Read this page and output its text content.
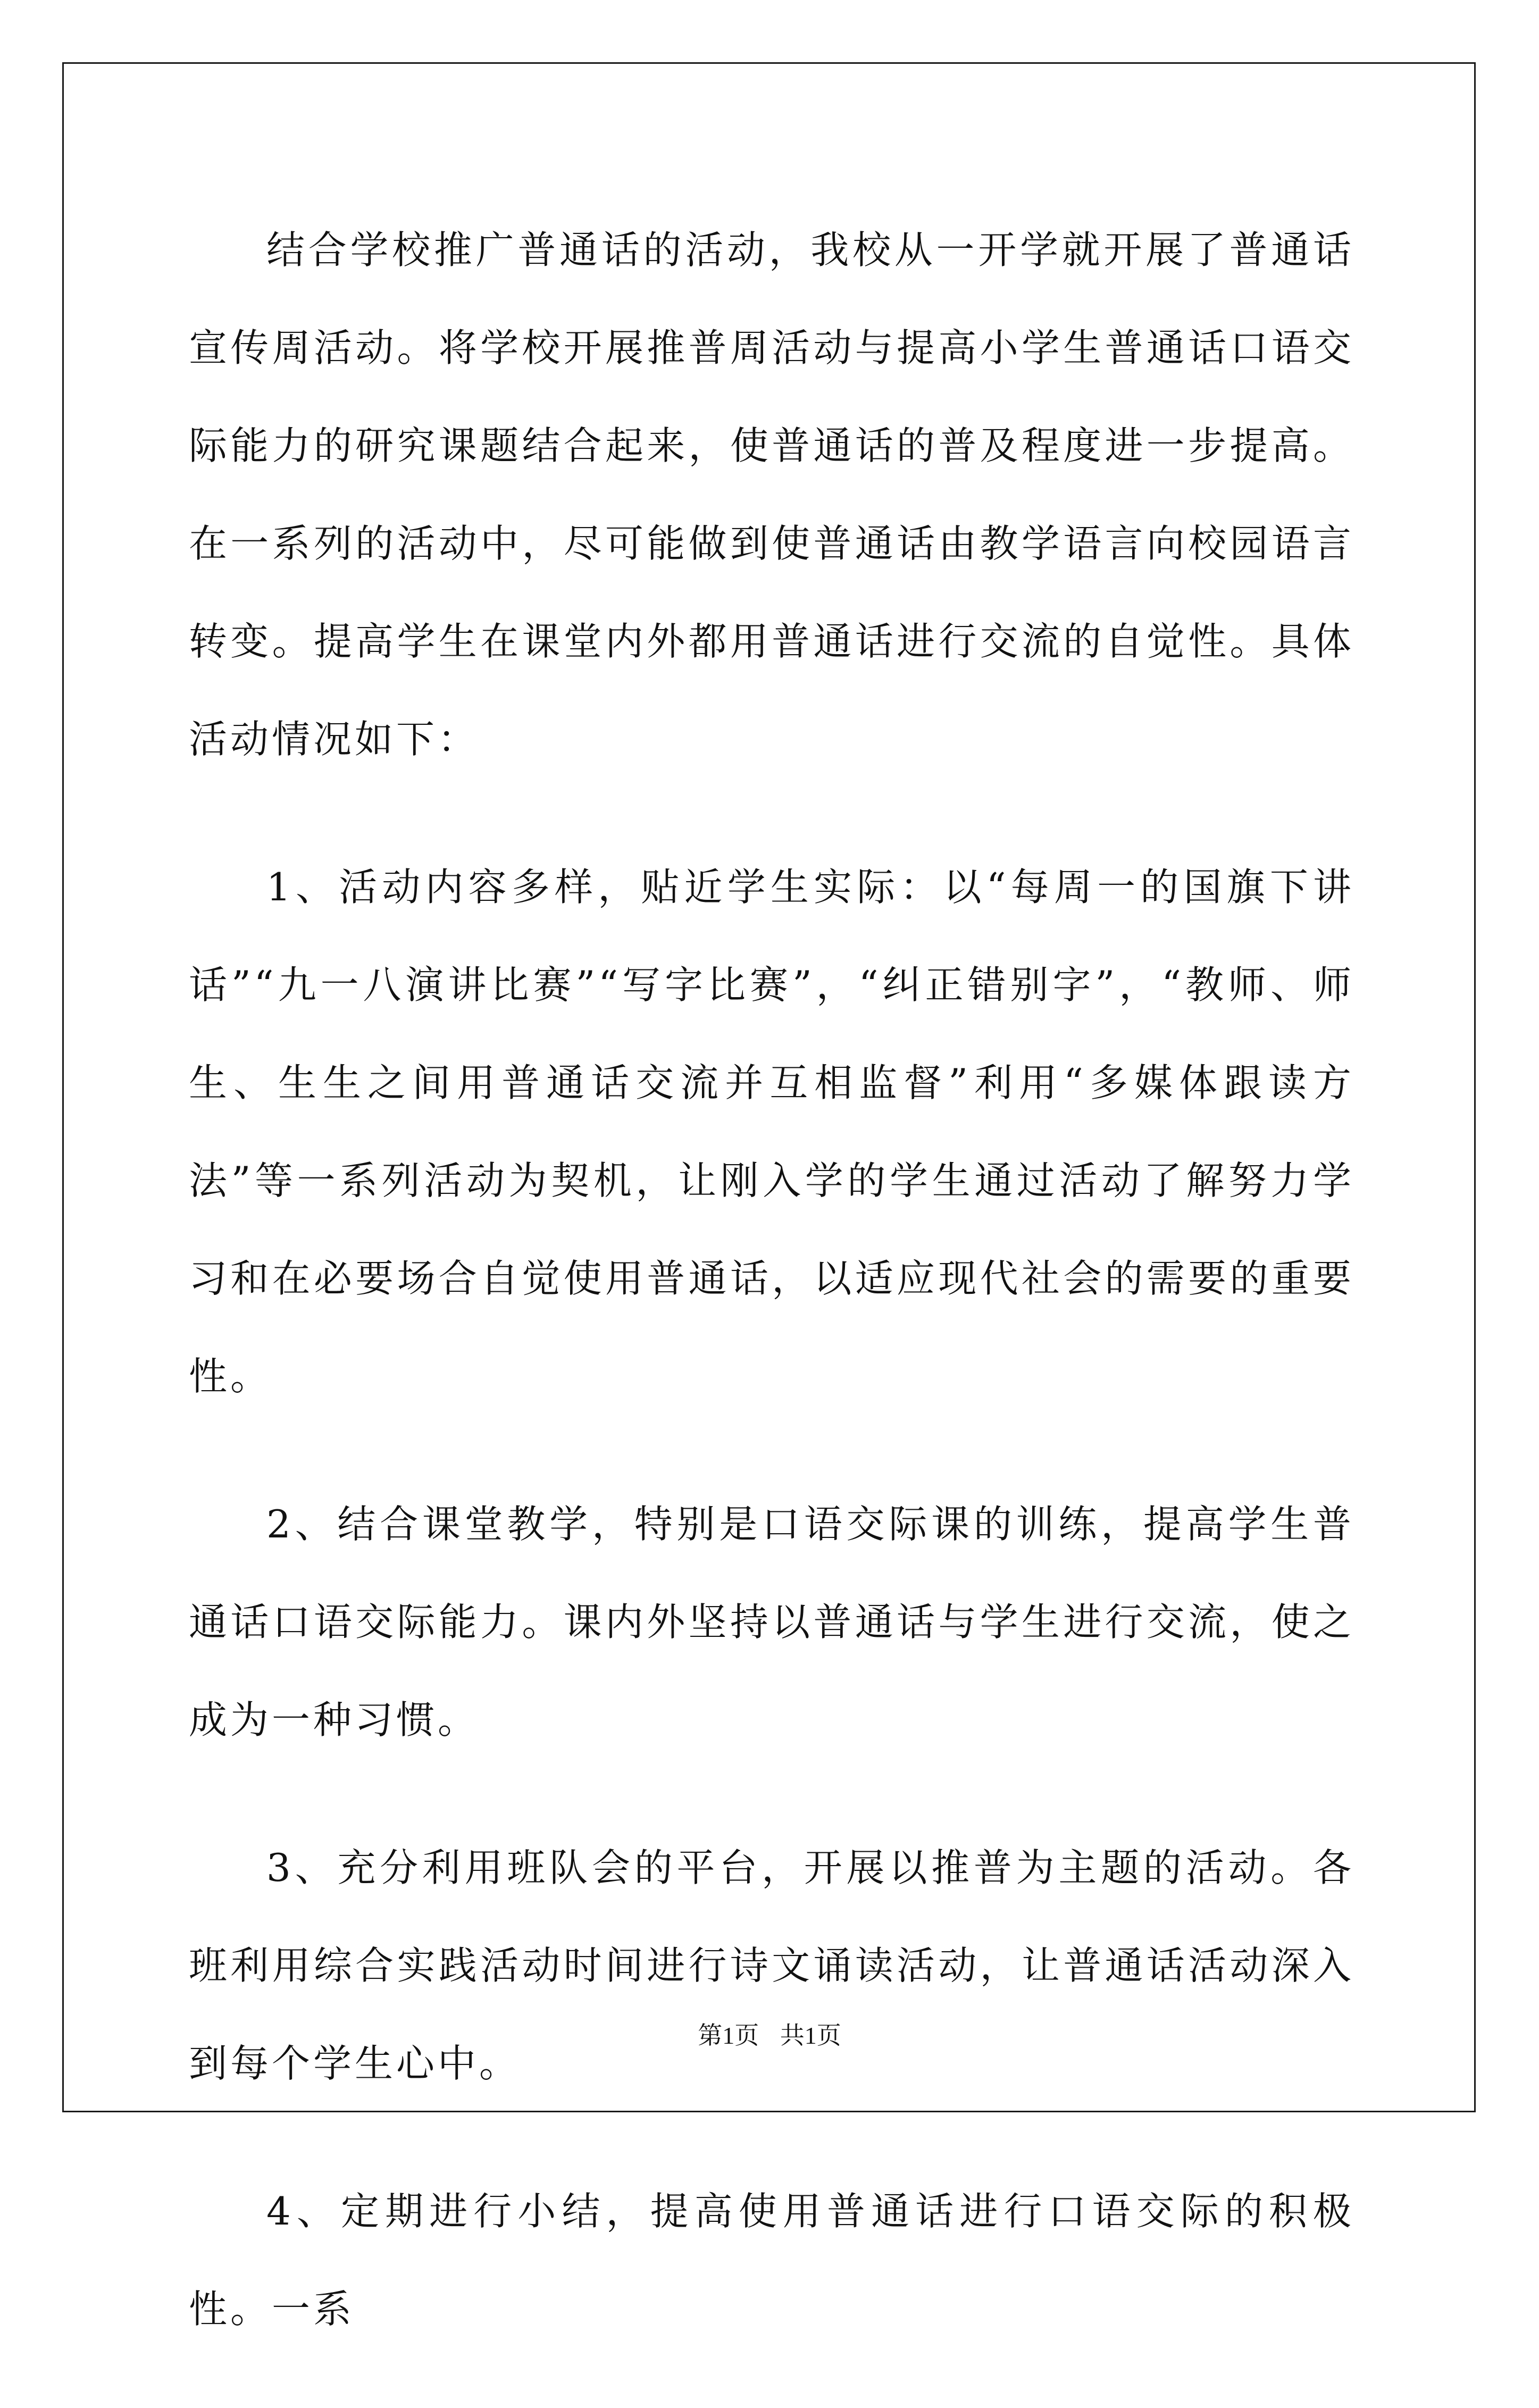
结合学校推广普通话的活动，我校从一开学就开展了普通话宣传周活动。将学校开展推普周活动与提高小学生普通话口语交际能力的研究课题结合起来，使普通话的普及程度进一步提高。在一系列的活动中，尽可能做到使普通话由教学语言向校园语言转变。提高学生在课堂内外都用普通话进行交流的自觉性。具体活动情况如下：

1、活动内容多样，贴近学生实际：以“每周一的国旗下讲话”“九一八演讲比赛”“写字比赛”，“纠正错别字”，“教师、师生、生生之间用普通话交流并互相监督”利用“多媒体跟读方法”等一系列活动为契机，让刚入学的学生通过活动了解努力学习和在必要场合自觉使用普通话，以适应现代社会的需要的重要性。

2、结合课堂教学，特别是口语交际课的训练，提高学生普通话口语交际能力。课内外坚持以普通话与学生进行交流，使之成为一种习惯。

3、充分利用班队会的平台，开展以推普为主题的活动。各班利用综合实践活动时间进行诗文诵读活动，让普通话活动深入到每个学生心中。

4、定期进行小结，提高使用普通话进行口语交际的积极性。一系

第1页 共1页
